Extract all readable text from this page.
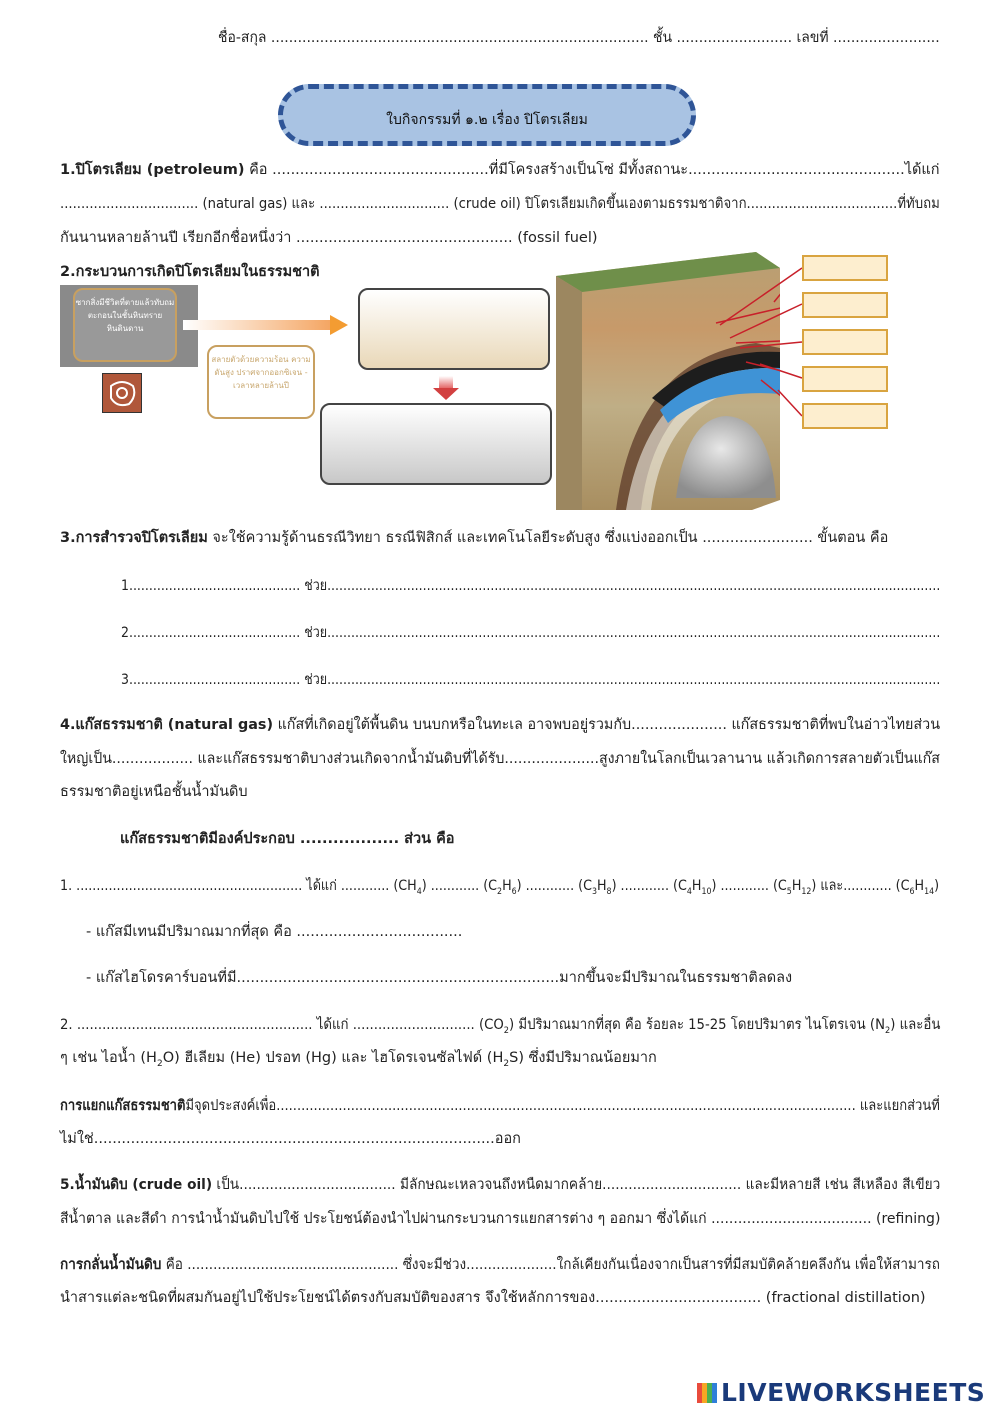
ชื่อ-สกุล ..................................................................................... ชั้น .......................... เลขที่ ........................
ใบกิจกรรมที่ ๑.๒ เรื่อง ปิโตรเลียม
1.ปิโตรเลียม (petroleum) คือ ...............................................ที่มีโครงสร้างเป็นโซ่ มีทั้งสถานะ...............................................ได้แก่
................................. (natural gas) และ ............................... (crude oil) ปิโตรเลียมเกิดขึ้นเองตามธรรมชาติจาก....................................ที่ทับถม
กันนานหลายล้านปี เรียกอีกชื่อหนึ่งว่า ............................................... (fossil fuel)
2.กระบวนการเกิดปิโตรเลียมในธรรมชาติ
ซากสิ่งมีชีวิตที่ตายแล้วทับถม ตะกอนในชั้นหินทราย หินดินดาน
สลายตัวด้วยความร้อน ความดันสูง ปราศจากออกซิเจน - เวลาหลายล้านปี
3.การสำรวจปิโตรเลียม จะใช้ความรู้ด้านธรณีวิทยา ธรณีฟิสิกส์ และเทคโนโลยีระดับสูง ซึ่งแบ่งออกเป็น ........................ ขั้นตอน คือ
1........................................... ช่วย..........................................................................................................................................................
2........................................... ช่วย..........................................................................................................................................................
3........................................... ช่วย..........................................................................................................................................................
4.แก๊สธรรมชาติ (natural gas) แก๊สที่เกิดอยู่ใต้พื้นดิน บนบกหรือในทะเล อาจพบอยู่รวมกับ..................... แก๊สธรรมชาติที่พบในอ่าวไทยส่วน
ใหญ่เป็น.................. และแก๊สธรรมชาติบางส่วนเกิดจากน้ำมันดิบที่ได้รับ.....................สูงภายในโลกเป็นเวลานาน แล้วเกิดการสลายตัวเป็นแก๊ส
ธรรมชาติอยู่เหนือชั้นน้ำมันดิบ
แก๊สธรรมชาติมีองค์ประกอบ .................. ส่วน คือ
1. ........................................................ ได้แก่ ............ $(CH_4)$ ............ $(C_2H_6)$ ............ $(C_3H_8)$ ............ $(C_4H_{10})$ ............ $(C_5H_{12})$ และ............ $(C_6H_{14})$
- แก๊สมีเทนมีปริมาณมากที่สุด คือ ....................................
- แก๊สไฮโดรคาร์บอนที่มี......................................................................มากขึ้นจะมีปริมาณในธรรมชาติลดลง
2. ........................................................ ได้แก่ ............................. $(CO_2)$ มีปริมาณมากที่สุด คือ ร้อยละ 15-25 โดยปริมาตร ไนโตรเจน $(N_2)$ และอื่น
ๆ เช่น ไอน้ำ $(H_2O)$ ฮีเลียม (He) ปรอท (Hg) และ ไฮโดรเจนซัลไฟด์ $(H_2S)$ ซึ่งมีปริมาณน้อยมาก
การแยกแก๊สธรรมชาติมีจุดประสงค์เพื่อ............................................................................................................................................ และแยกส่วนที่
ไม่ใช่.......................................................................................ออก
5.น้ำมันดิบ (crude oil) เป็น.................................... มีลักษณะเหลวจนถึงหนืดมากคล้าย................................ และมีหลายสี เช่น สีเหลือง สีเขียว
สีน้ำตาล และสีดำ การนำน้ำมันดิบไปใช้ ประโยชน์ต้องนำไปผ่านกระบวนการแยกสารต่าง ๆ ออกมา ซึ่งได้แก่ .................................... (refining)
การกลั่นน้ำมันดิบ คือ ................................................. ซึ่งจะมีช่วง.....................ใกล้เคียงกันเนื่องจากเป็นสารที่มีสมบัติคล้ายคลึงกัน เพื่อให้สามารถ
นำสารแต่ละชนิดที่ผสมกันอยู่ไปใช้ประโยชน์ได้ตรงกับสมบัติของสาร จึงใช้หลักการของ.................................... (fractional distillation)
LIVEWORKSHEETS
